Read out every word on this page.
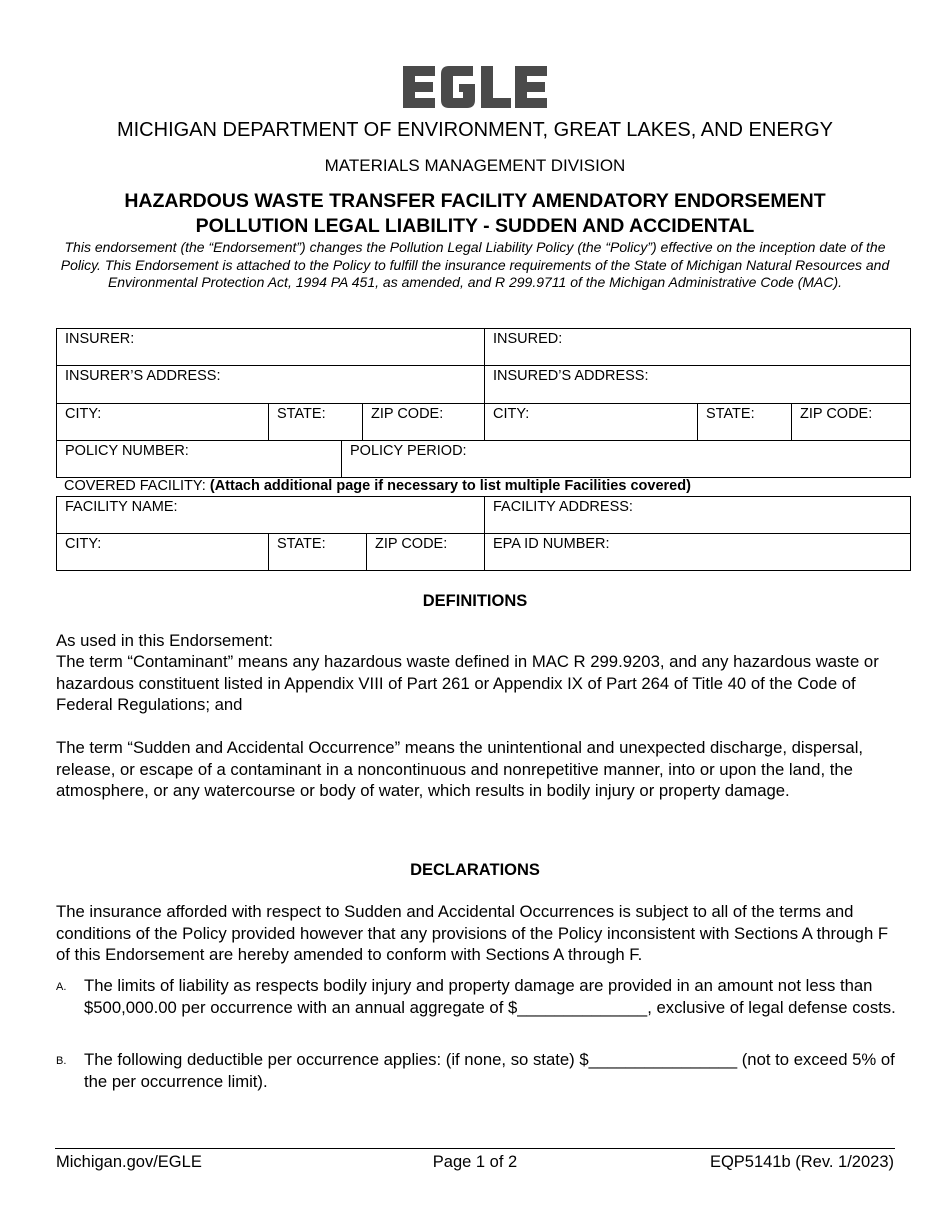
MICHIGAN DEPARTMENT OF ENVIRONMENT, GREAT LAKES, AND ENERGY
MATERIALS MANAGEMENT DIVISION
HAZARDOUS WASTE TRANSFER FACILITY AMENDATORY ENDORSEMENT
POLLUTION LEGAL LIABILITY - SUDDEN AND ACCIDENTAL
This endorsement (the “Endorsement”) changes the Pollution Legal Liability Policy (the “Policy”) effective on the inception date of the Policy. This Endorsement is attached to the Policy to fulfill the insurance requirements of the State of Michigan Natural Resources and Environmental Protection Act, 1994 PA 451, as amended, and R 299.9711 of the Michigan Administrative Code (MAC).
INSURER:	INSURED:
INSURER’S ADDRESS:	INSURED’S ADDRESS:
CITY:	STATE:	ZIP CODE:	CITY:	STATE:	ZIP CODE:
POLICY NUMBER:	POLICY PERIOD:
COVERED FACILITY: (Attach additional page if necessary to list multiple Facilities covered)
FACILITY NAME:	FACILITY ADDRESS:
CITY:	STATE:	ZIP CODE:	EPA ID NUMBER:
DEFINITIONS
As used in this Endorsement:
The term “Contaminant” means any hazardous waste defined in MAC R 299.9203, and any hazardous waste or hazardous constituent listed in Appendix VIII of Part 261 or Appendix IX of Part 264 of Title 40 of the Code of Federal Regulations; and
The term “Sudden and Accidental Occurrence” means the unintentional and unexpected discharge, dispersal, release, or escape of a contaminant in a noncontinuous and nonrepetitive manner, into or upon the land, the atmosphere, or any watercourse or body of water, which results in bodily injury or property damage.
DECLARATIONS
The insurance afforded with respect to Sudden and Accidental Occurrences is subject to all of the terms and conditions of the Policy provided however that any provisions of the Policy inconsistent with Sections A through F of this Endorsement are hereby amended to conform with Sections A through F.
A. The limits of liability as respects bodily injury and property damage are provided in an amount not less than $500,000.00 per occurrence with an annual aggregate of $______________, exclusive of legal defense costs.
B. The following deductible per occurrence applies: (if none, so state) $________________ (not to exceed 5% of the per occurrence limit).
Michigan.gov/EGLE	Page 1 of 2	EQP5141b (Rev. 1/2023)
